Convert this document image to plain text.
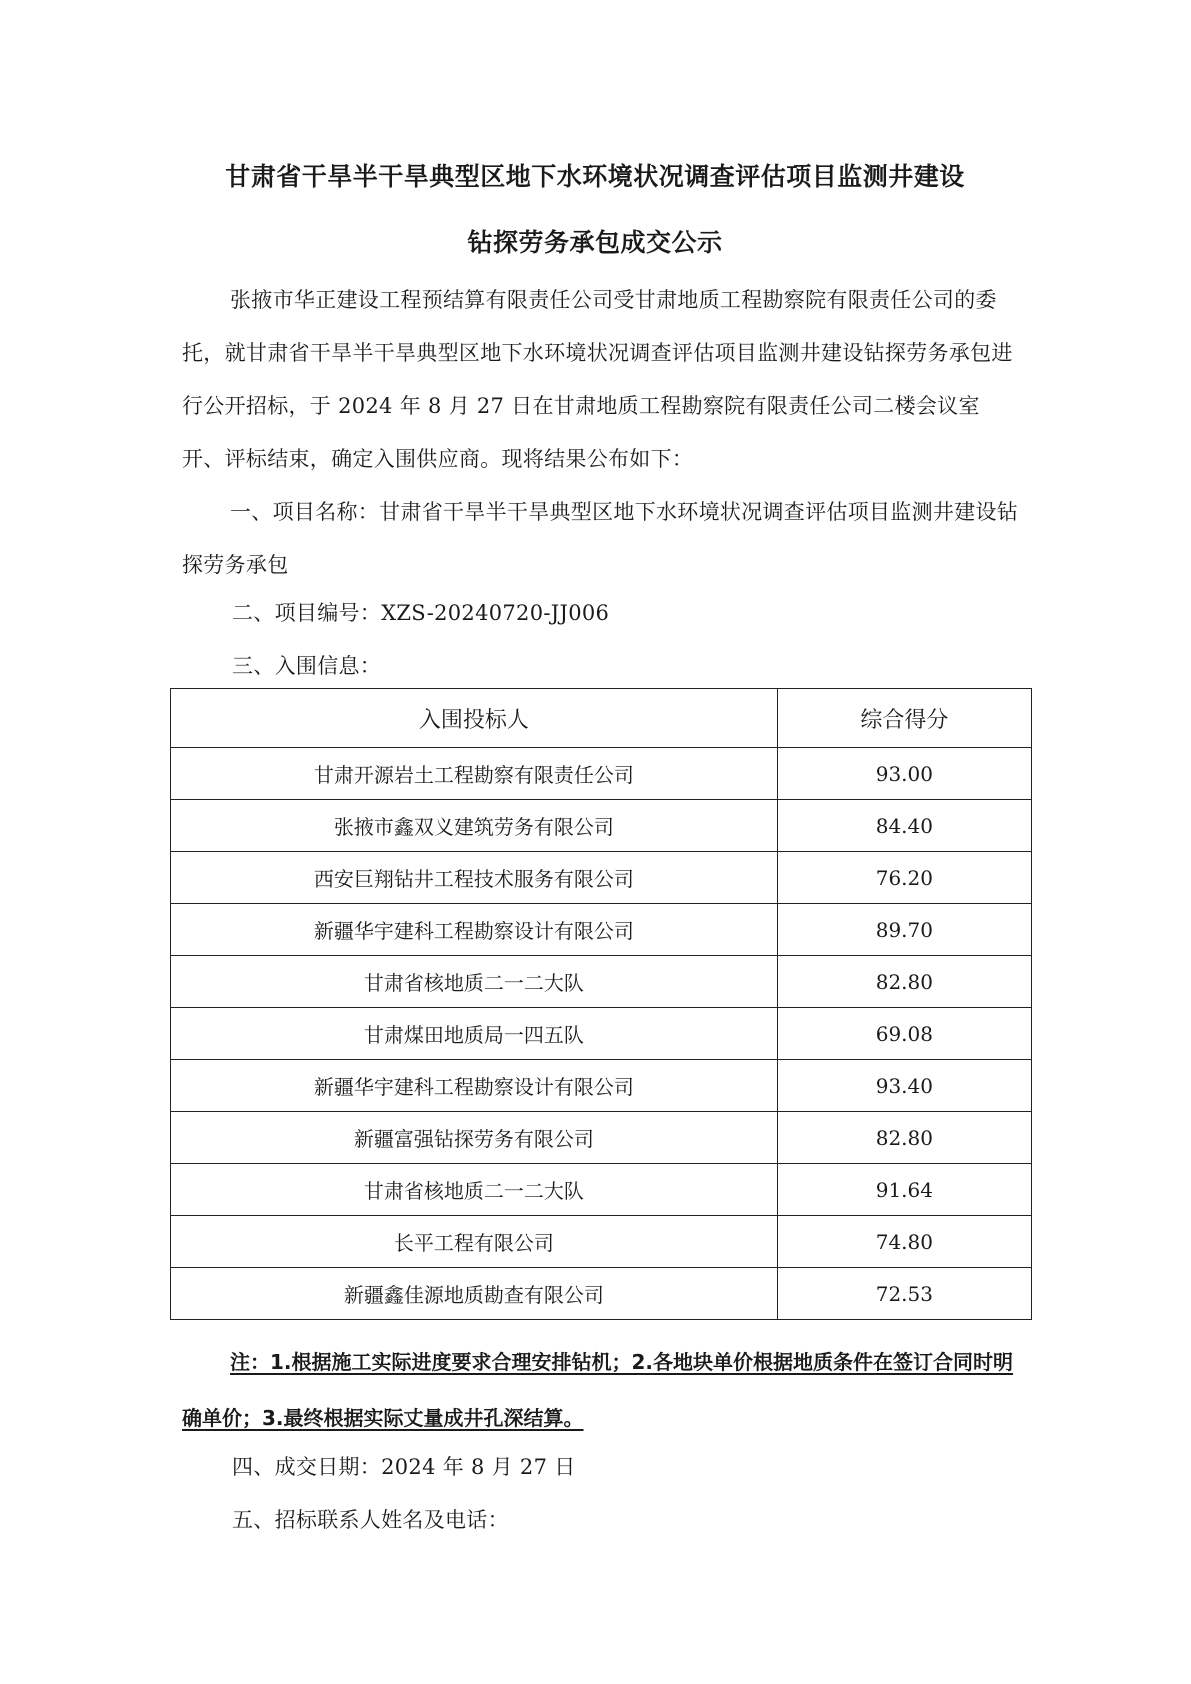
甘肃省干旱半干旱典型区地下水环境状况调查评估项目监测井建设
钻探劳务承包成交公示
张掖市华正建设工程预结算有限责任公司受甘肃地质工程勘察院有限责任公司的委托，就甘肃省干旱半干旱典型区地下水环境状况调查评估项目监测井建设钻探劳务承包进行公开招标，于 2024 年 8 月 27 日在甘肃地质工程勘察院有限责任公司二楼会议室开、评标结束，确定入围供应商。现将结果公布如下：
一、项目名称：甘肃省干旱半干旱典型区地下水环境状况调查评估项目监测井建设钻探劳务承包
二、项目编号：XZS-20240720-JJ006
三、入围信息：
入围投标人	综合得分
甘肃开源岩土工程勘察有限责任公司	93.00
张掖市鑫双义建筑劳务有限公司	84.40
西安巨翔钻井工程技术服务有限公司	76.20
新疆华宇建科工程勘察设计有限公司	89.70
甘肃省核地质二一二大队	82.80
甘肃煤田地质局一四五队	69.08
新疆华宇建科工程勘察设计有限公司	93.40
新疆富强钻探劳务有限公司	82.80
甘肃省核地质二一二大队	91.64
长平工程有限公司	74.80
新疆鑫佳源地质勘查有限公司	72.53
注：1.根据施工实际进度要求合理安排钻机；2.各地块单价根据地质条件在签订合同时明确单价；3.最终根据实际丈量成井孔深结算。
四、成交日期：2024 年 8 月 27 日
五、招标联系人姓名及电话：
